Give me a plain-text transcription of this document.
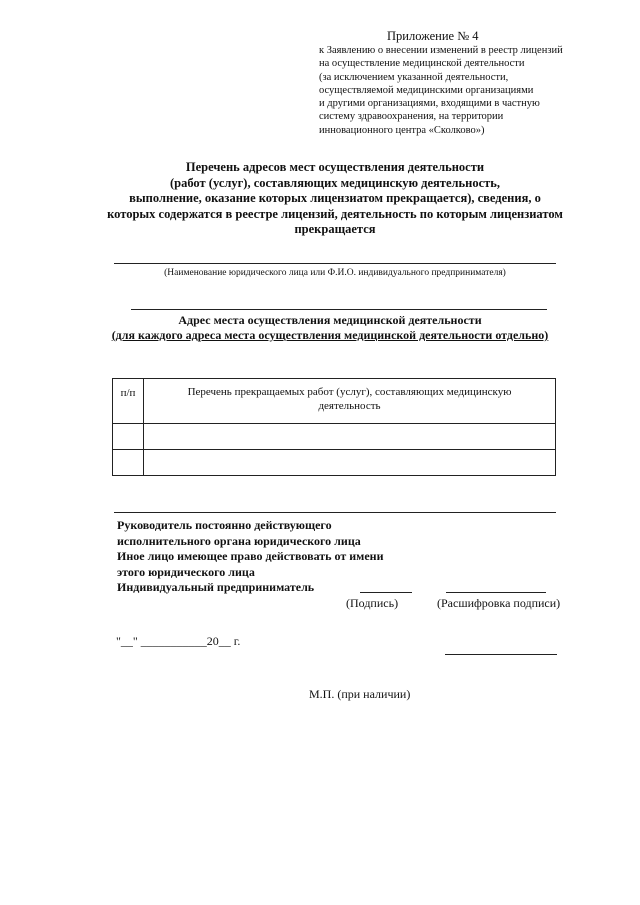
Приложение № 4
к Заявлению о внесении изменений в реестр лицензий
на осуществление медицинской деятельности
(за исключением указанной деятельности,
осуществляемой медицинскими организациями
и другими организациями, входящими в частную
систему здравоохранения, на территории
инновационного центра «Сколково»)
Перечень адресов мест осуществления деятельности
(работ (услуг), составляющих медицинскую деятельность,
выполнение, оказание которых лицензиатом прекращается), сведения, о
которых содержатся в реестре лицензий, деятельность по которым лицензиатом
прекращается
(Наименование юридического лица или Ф.И.О. индивидуального предпринимателя)
Адрес места осуществления медицинской деятельности
(для каждого адреса места осуществления медицинской деятельности отдельно)
п/п	Перечень прекращаемых работ (услуг), составляющих медицинскую
деятельность

Руководитель постоянно действующего
исполнительного органа юридического лица
Иное лицо имеющее право действовать от имени
этого юридического лица
Индивидуальный предприниматель
(Подпись)	(Расшифровка подписи)
"__" ___________20__ г.
М.П. (при наличии)
